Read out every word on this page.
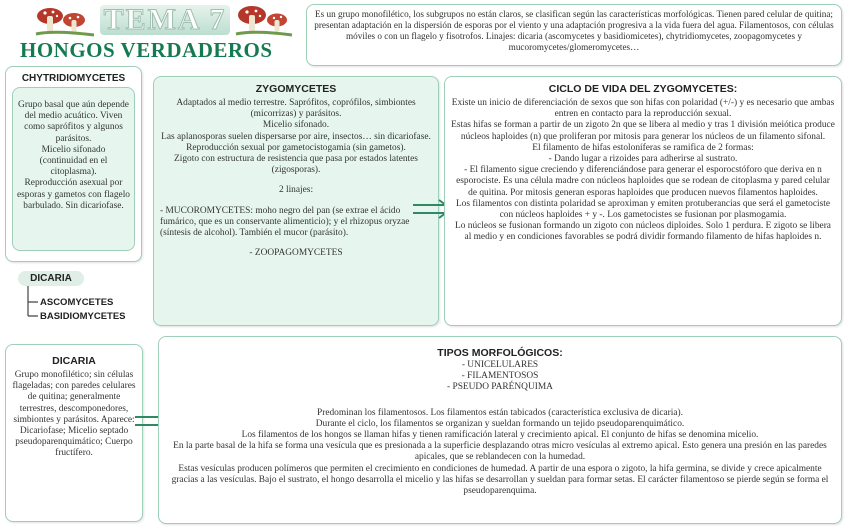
TEMA 7
HONGOS VERDADEROS

Es un grupo monofilético, los subgrupos no están claros, se clasifican según las características morfológicas. Tienen pared celular de quitina; presentan adaptación en la dispersión de esporas por el viento y una adaptación progresiva a la vida fuera del agua. Filamentosos, con células móviles o con un flagelo y fisotrofos. Linajes: dicaria (ascomycetes y basidiomicetes), chytridiomycetes, zoopagomycetes y mucoromycetes/glomeromycetes…

CHYTRIDIOMYCETES

Grupo basal que aún depende del medio acuático. Viven como saprófitos y algunos parásitos.

Micelio sifonado (continuidad en el citoplasma).

Reproducción asexual por esporas y gametos con flagelo barbulado. Sin dicariofase.

DICARIA
ASCOMYCETES
BASIDIOMYCETES
ZYGOMYCETES

Adaptados al medio terrestre. Saprófitos, coprófilos, simbiontes (micorrizas) y parásitos.

Micelio sifonado.

Las aplanosporas suelen dispersarse por aire, insectos… sin dicariofase.

Reproducción sexual por gametocistogamia (sin gametos).

Zigoto con estructura de resistencia que pasa por estados latentes (zigosporas).

2 linajes:

- MUCOROMYCETES: moho negro del pan (se extrae el ácido fumárico, que es un conservante alimenticio); y el rhizopus oryzae (síntesis de alcohol). También el mucor (parásito).

- ZOOPAGOMYCETES

CICLO DE VIDA DEL ZYGOMYCETES:

Existe un inicio de diferenciación de sexos que son hifas con polaridad (+/-) y es necesario que ambas entren en contacto para la reproducción sexual.

Estas hifas se forman a partir de un zigoto 2n que se libera al medio y tras 1 división meiótica produce núcleos haploides (n) que proliferan por mitosis para generar los núcleos de un filamento sifonal.

El filamento de hifas estoloníferas se ramifica de 2 formas:

- Dando lugar a rizoides para adherirse al sustrato.

- El filamento sigue creciendo y diferenciándose para generar el esporocstóforo que deriva en n esporociste. Es una célula madre con núcleos haploides que se rodean de citoplasma y pared celular de quitina. Por mitosis generan esporas haploides que producen nuevos filamentos haploides.

Los filamentos con distinta polaridad se aproximan y emiten protuberancias que será el gametociste con núcleos haploides + y -. Los gametocistes se fusionan por plasmogamia.

Lo núcleos se fusionan formando un zigoto con núcleos diploides. Solo 1 perdura. E zigoto se libera al medio y en condiciones favorables se podrá dividir formando filamento de hifas haploides n.

DICARIA

Grupo monofilético; sin células flageladas; con paredes celulares de quitina; generalmente terrestres, descomponedores, simbiontes y parásitos. Aparece: Dicariofase; Micelio septado pseudoparenquimático; Cuerpo fructífero.

TIPOS MORFOLÓGICOS:

- UNICELULARES

- FILAMENTOSOS

- PSEUDO PARÉNQUIMA

Predominan los filamentosos. Los filamentos están tabicados (característica exclusiva de dicaria).

Durante el ciclo, los filamentos se organizan y sueldan formando un tejido pseudoparenquimático.

Los filamentos de los hongos se llaman hifas y tienen ramificación lateral y crecimiento apical. El conjunto de hifas se denomina micelio.

En la parte basal de la hifa se forma una vesícula que es presionada a la superficie desplazando otras micro vesículas al extremo apical. Esto genera una presión en las paredes apicales, que se reblandecen con la humedad.

Estas vesículas producen polímeros que permiten el crecimiento en condiciones de humedad. A partir de una espora o zigoto, la hifa germina, se divide y crece apicalmente gracias a las vesículas. Bajo el sustrato, el hongo desarrolla el micelio y las hifas se desarrollan y sueldan para formar setas. El carácter filamentoso se pierde según se forma el pseudoparenquima.
